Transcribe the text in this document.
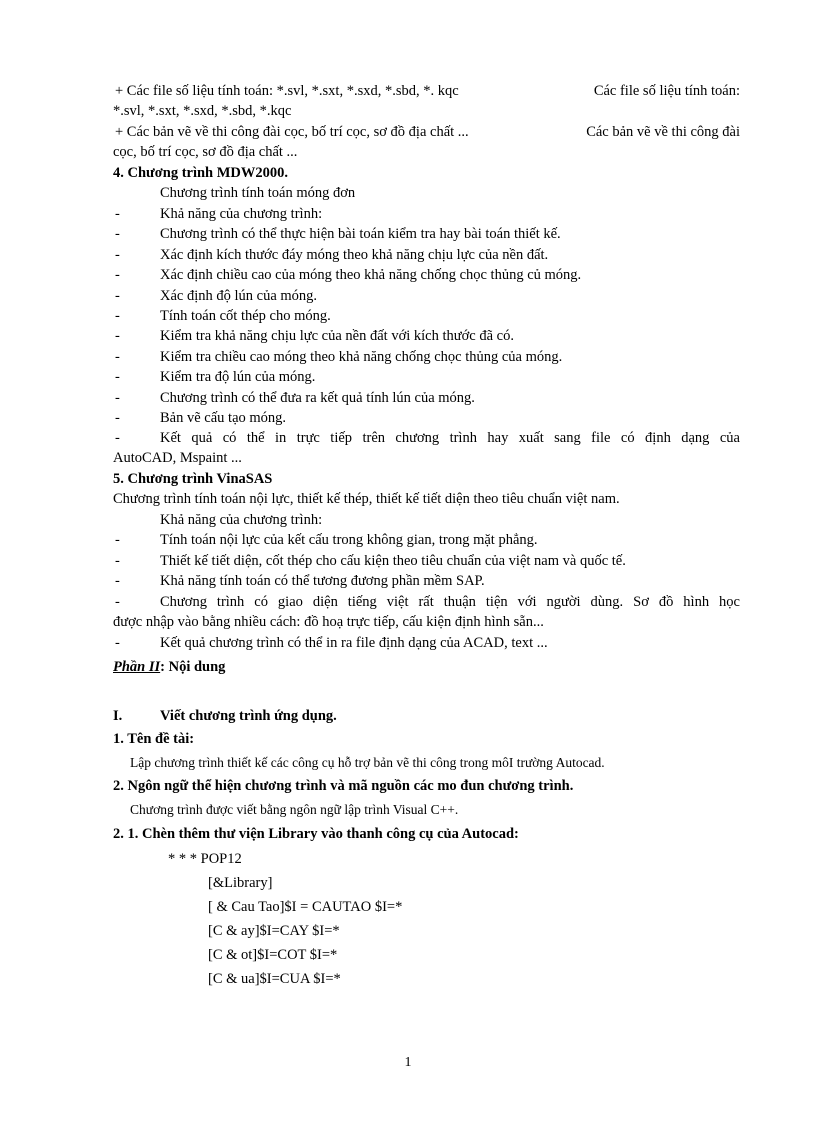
+ Các file số liệu tính toán: *.svl, *.sxt, *.sxd, *.sbd, *. kqc	Các file số liệu tính toán:
*.svl, *.sxt, *.sxd, *.sbd, *.kqc
+ Các bản vẽ về thi công đài cọc, bố trí cọc, sơ đồ địa chất ...	Các bản vẽ về thi công đài
cọc, bố trí cọc, sơ đồ địa chất ...
4. Chương trình MDW2000.
Chương trình tính toán móng đơn
-	Khả năng của chương trình:
-	Chương trình có thể thực hiện bài toán kiểm tra hay bài toán thiết kế.
-	Xác định kích thước đáy móng theo khả năng chịu lực của nền đất.
-	Xác định chiều cao của móng theo khả năng chống chọc thủng củ móng.
-	Xác định độ lún của móng.
-	Tính toán cốt thép cho móng.
-	Kiểm tra khả năng chịu lực của nền đất với kích thước đã có.
-	Kiểm tra chiều cao móng theo khả năng chống chọc thủng của móng.
-	Kiểm tra độ lún của móng.
-	Chương trình có thể đưa ra kết quả tính lún của móng.
-	Bản vẽ cấu tạo móng.
-	Kết quả có thể in trực tiếp trên chương trình hay xuất sang file có định dạng của
AutoCAD, Mspaint ...
5. Chương trình VinaSAS
Chương trình tính toán nội lực, thiết kế thép, thiết kế tiết diện theo tiêu chuẩn việt nam.
Khả năng của chương trình:
-	Tính toán nội lực của kết cấu trong không gian, trong mặt phẳng.
-	Thiết kế tiết diện, cốt thép cho cấu kiện theo tiêu chuẩn của việt nam và quốc tế.
-	Khả năng tính toán có thể tương đương phần mềm SAP.
-	Chương trình có giao diện tiếng việt rất thuận tiện với người dùng. Sơ đồ hình học
được nhập vào bằng nhiều cách: đồ hoạ trực tiếp, cấu kiện định hình sẵn...
-	Kết quả chương trình có thể in ra file định dạng của ACAD, text ...
Phần II: Nội dung
I.	Viết chương trình ứng dụng.
1. Tên đề tài:
Lập chương trình thiết kế các công cụ hỗ trợ bản vẽ thi công trong môI trường Autocad.
2. Ngôn ngữ thể hiện chương trình và mã nguồn các mo đun chương trình.
Chương trình được viết bằng ngôn ngữ lập trình Visual C++.
2. 1. Chèn thêm thư viện Library vào thanh công cụ của Autocad:
* * * POP12
[&Library]
[ & Cau Tao]$I = CAUTAO $I=*
[C & ay]$I=CAY $I=*
[C & ot]$I=COT $I=*
[C & ua]$I=CUA $I=*
1
